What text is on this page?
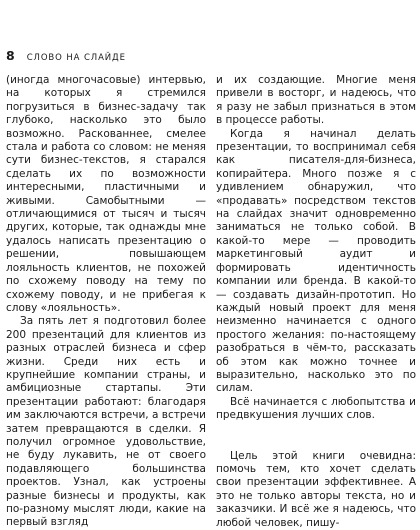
8 СЛОВО НА СЛАЙДЕ

(иногда многочасовые) интервью, на которых я стремился погрузиться в бизнес-задачу так глубоко, насколько это было возможно. Раскованнее, смелее стала и работа со словом: не меняя сути бизнес-текстов, я старался сделать их по возможности интересными, пластичными и живыми. Самобытными — отличающимися от тысяч и тысяч других, которые, так однажды мне удалось написать презентацию о решении, повышающем лояльность клиентов, не похожей по схожему поводу на тему по схожему поводу, и не прибегая к слову «лояльность».

За пять лет я подготовил более 200 презентаций для клиентов из разных отраслей бизнеса и сфер жизни. Среди них есть и крупнейшие компании страны, и амбициозные стартапы. Эти презентации работают: благодаря им заключаются встречи, а встречи затем превращаются в сделки. Я получил огромное удовольствие, не буду лукавить, не от своего подавляющего большинства проектов. Узнал, как устроены разные бизнесы и продукты, как по-разному мыслят люди, какие на первый взгляд

и их создающие. Многие меня привели в восторг, и надеюсь, что я разу не забыл признаться в этом в процессе работы.

Когда я начинал делать презентации, то воспринимал себя как писателя-для-бизнеса, копирайтера. Много позже я с удивлением обнаружил, что «продавать» посредством текстов на слайдах значит одновременно заниматься не только собой. В какой-то мере — проводить маркетинговый аудит и формировать идентичность компании или бренда. В какой-то — создавать дизайн-прототип. Но каждый новый проект для меня неизменно начинается с одного простого желания: по-настоящему разобраться в чём-то, рассказать об этом как можно точнее и выразительно, насколько это по силам.

Всё начинается с любопытства и предвкушения лучших слов.

Цель этой книги очевидна: помочь тем, кто хочет сделать свои презентации эффективнее. А это не только авторы текста, но и заказчики. И всё же я надеюсь, что любой человек, пишу-
